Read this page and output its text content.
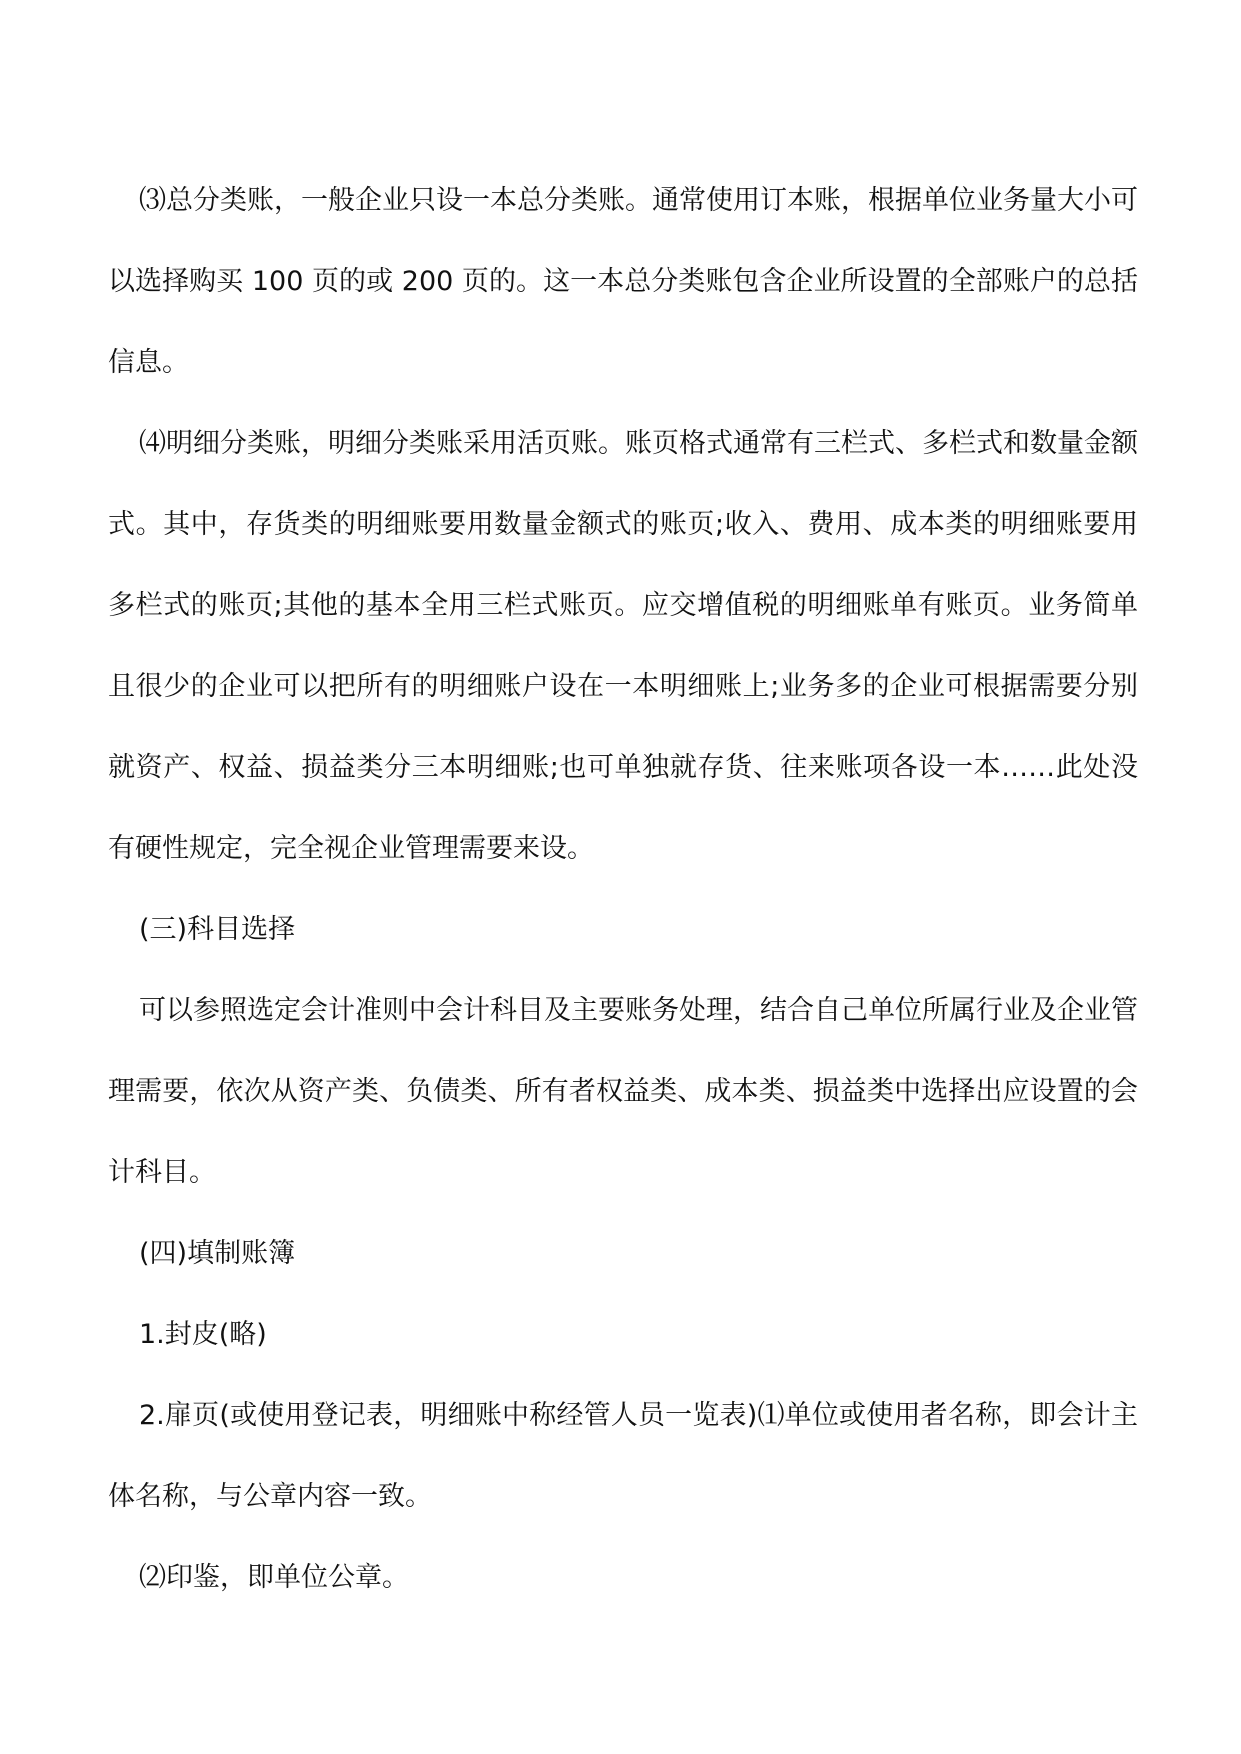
⑶总分类账，一般企业只设一本总分类账。通常使用订本账，根据单位业务量大小可以选择购买 100 页的或 200 页的。这一本总分类账包含企业所设置的全部账户的总括信息。

⑷明细分类账，明细分类账采用活页账。账页格式通常有三栏式、多栏式和数量金额式。其中，存货类的明细账要用数量金额式的账页;收入、费用、成本类的明细账要用多栏式的账页;其他的基本全用三栏式账页。应交增值税的明细账单有账页。业务简单且很少的企业可以把所有的明细账户设在一本明细账上;业务多的企业可根据需要分别就资产、权益、损益类分三本明细账;也可单独就存货、往来账项各设一本……此处没有硬性规定，完全视企业管理需要来设。

(三)科目选择

可以参照选定会计准则中会计科目及主要账务处理，结合自己单位所属行业及企业管理需要，依次从资产类、负债类、所有者权益类、成本类、损益类中选择出应设置的会计科目。

(四)填制账簿

1.封皮(略)

2.扉页(或使用登记表，明细账中称经管人员一览表)⑴单位或使用者名称，即会计主体名称，与公章内容一致。

⑵印鉴，即单位公章。
